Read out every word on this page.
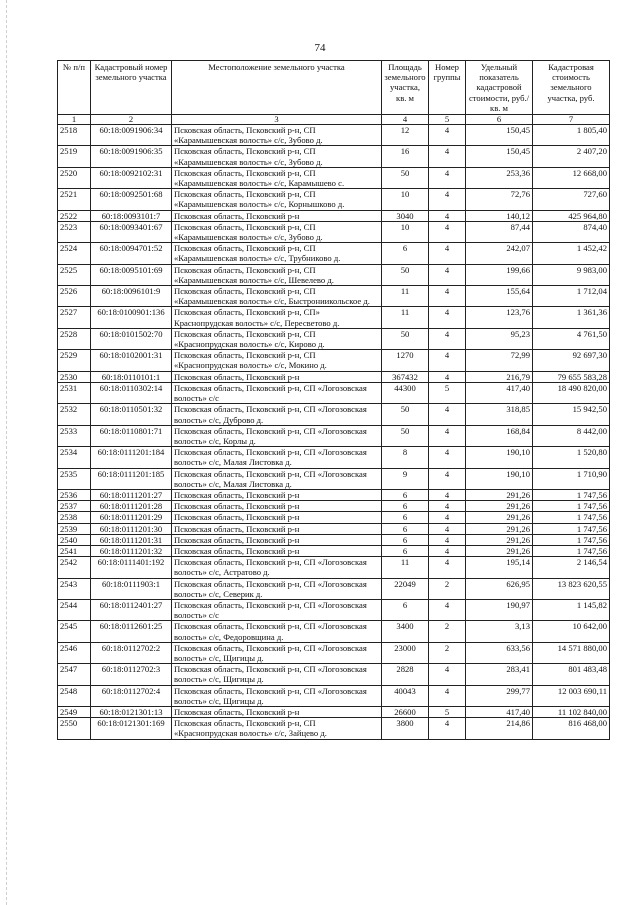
74
№ п/п	Кадастровый номер земельного участка	Местоположение земельного участка	Площадь земельного участка, кв. м	Номер группы	Удельный показатель кадастровой стоимости, руб./кв. м	Кадастровая стоимость земельного участка, руб.
1	2	3	4	5	6	7
2518	60:18:0091906:34	Псковская область, Псковский р-н, СП «Карамышевская волость» с/с, Зубово д.	12	4	150,45	1 805,40
2519	60:18:0091906:35	Псковская область, Псковский р-н, СП «Карамышевская волость» с/с, Зубово д.	16	4	150,45	2 407,20
2520	60:18:0092102:31	Псковская область, Псковский р-н, СП «Карамышевская волость» с/с, Карамышево с.	50	4	253,36	12 668,00
2521	60:18:0092501:68	Псковская область, Псковский р-н, СП «Карамышевская волость» с/с, Корнышково д.	10	4	72,76	727,60
2522	60:18:0093101:7	Псковская область, Псковский р-н	3040	4	140,12	425 964,80
2523	60:18:0093401:67	Псковская область, Псковский р-н, СП «Карамышевская волость» с/с, Зубово д.	10	4	87,44	874,40
2524	60:18:0094701:52	Псковская область, Псковский р-н, СП «Карамышевская волость» с/с, Трубниково д.	6	4	242,07	1 452,42
2525	60:18:0095101:69	Псковская область, Псковский р-н, СП «Карамышевская волость» с/с, Шевелево д.	50	4	199,66	9 983,00
2526	60:18:0096101:9	Псковская область, Псковский р-н, СП «Карамышевская волость» с/с, Быстрониикольское д.	11	4	155,64	1 712,04
2527	60:18:0100901:136	Псковская область, Псковский р-н, СП» Краснопрудская волость» с/с, Пересветово д.	11	4	123,76	1 361,36
2528	60:18:0101502:70	Псковская область, Псковский р-н, СП «Краснопрудская волость» с/с, Кирово д.	50	4	95,23	4 761,50
2529	60:18:0102001:31	Псковская область, Псковский р-н, СП «Краснопрудская волость» с/с, Мокино д.	1270	4	72,99	92 697,30
2530	60:18:0110101:1	Псковская область, Псковский р-н	367432	4	216,79	79 655 583,28
2531	60:18:0110302:14	Псковская область, Псковский р-н, СП «Логозовская волость» с/с	44300	5	417,40	18 490 820,00
2532	60:18:0110501:32	Псковская область, Псковский р-н, СП «Логозовская волость» с/с, Дуброво д.	50	4	318,85	15 942,50
2533	60:18:0110801:71	Псковская область, Псковский р-н, СП «Логозовская волость» с/с, Корлы д.	50	4	168,84	8 442,00
2534	60:18:0111201:184	Псковская область, Псковский р-н, СП «Логозовская волость» с/с, Малая Листовка д.	8	4	190,10	1 520,80
2535	60:18:0111201:185	Псковская область, Псковский р-н, СП «Логозовская волость» с/с, Малая Листовка д.	9	4	190,10	1 710,90
2536	60:18:0111201:27	Псковская область, Псковский р-н	6	4	291,26	1 747,56
2537	60:18:0111201:28	Псковская область, Псковский р-н	6	4	291,26	1 747,56
2538	60:18:0111201:29	Псковская область, Псковский р-н	6	4	291,26	1 747,56
2539	60:18:0111201:30	Псковская область, Псковский р-н	6	4	291,26	1 747,56
2540	60:18:0111201:31	Псковская область, Псковский р-н	6	4	291,26	1 747,56
2541	60:18:0111201:32	Псковская область, Псковский р-н	6	4	291,26	1 747,56
2542	60:18:0111401:192	Псковская область, Псковский р-н, СП «Логозовская волость» с/с, Астратово д.	11	4	195,14	2 146,54
2543	60:18:0111903:1	Псковская область, Псковский р-н, СП «Логозовская волость» с/с, Северик д.	22049	2	626,95	13 823 620,55
2544	60:18:0112401:27	Псковская область, Псковский р-н, СП «Логозовская волость» с/с	6	4	190,97	1 145,82
2545	60:18:0112601:25	Псковская область, Псковский р-н, СП «Логозовская волость» с/с, Федоровщина д.	3400	2	3,13	10 642,00
2546	60:18:0112702:2	Псковская область, Псковский р-н, СП «Логозовская волость» с/с, Щигицы д.	23000	2	633,56	14 571 880,00
2547	60:18:0112702:3	Псковская область, Псковский р-н, СП «Логозовская волость» с/с, Щигицы д.	2828	4	283,41	801 483,48
2548	60:18:0112702:4	Псковская область, Псковский р-н, СП «Логозовская волость» с/с, Щигицы д.	40043	4	299,77	12 003 690,11
2549	60:18:0121301:13	Псковская область, Псковский р-н	26600	5	417,40	11 102 840,00
2550	60:18:0121301:169	Псковская область, Псковский р-н, СП «Краснопрудская волость» с/с, Зайцево д.	3800	4	214,86	816 468,00
